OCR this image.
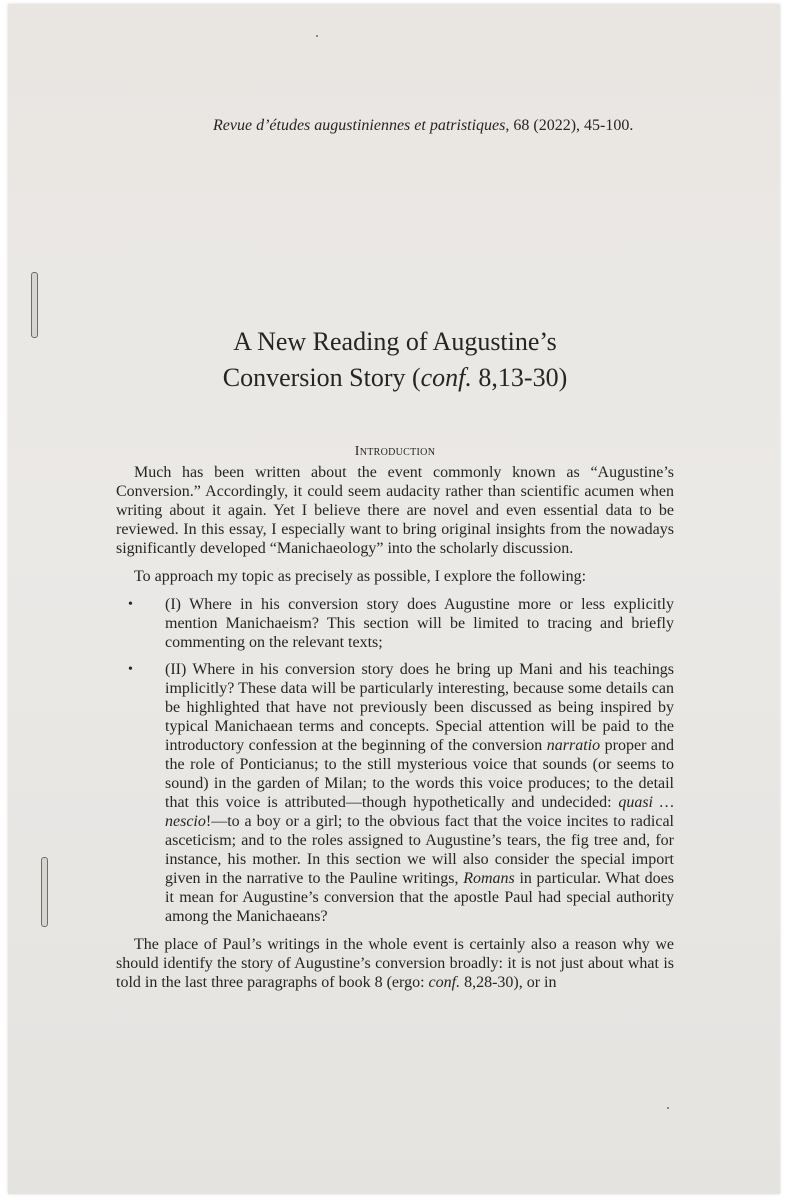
Revue d’études augustiniennes et patristiques, 68 (2022), 45-100.
A New Reading of Augustine’s
Conversion Story (conf. 8,13-30)
Introduction

Much has been written about the event commonly known as “Augustine’s Conversion.” Accordingly, it could seem audacity rather than scientific acumen when writing about it again. Yet I believe there are novel and even essential data to be reviewed. In this essay, I especially want to bring original insights from the nowadays significantly developed “Manichaeology” into the scholarly discussion.

To approach my topic as precisely as possible, I explore the following:

• (I) Where in his conversion story does Augustine more or less explicitly mention Manichaeism? This section will be limited to tracing and briefly commenting on the relevant texts;
• (II) Where in his conversion story does he bring up Mani and his teachings implicitly? These data will be particularly interesting, because some details can be highlighted that have not previously been discussed as being inspired by typical Manichaean terms and concepts. Special attention will be paid to the introductory confession at the beginning of the conversion narratio proper and the role of Ponticianus; to the still mysterious voice that sounds (or seems to sound) in the garden of Milan; to the words this voice produces; to the detail that this voice is attributed—though hypothetically and undecided: quasi … nescio!—to a boy or a girl; to the obvious fact that the voice incites to radical asceticism; and to the roles assigned to Augustine’s tears, the fig tree and, for instance, his mother. In this section we will also consider the special import given in the narrative to the Pauline writings, Romans in particular. What does it mean for Augustine’s conversion that the apostle Paul had special authority among the Manichaeans?

The place of Paul’s writings in the whole event is certainly also a reason why we should identify the story of Augustine’s conversion broadly: it is not just about what is told in the last three paragraphs of book 8 (ergo: conf. 8,28-30), or in
